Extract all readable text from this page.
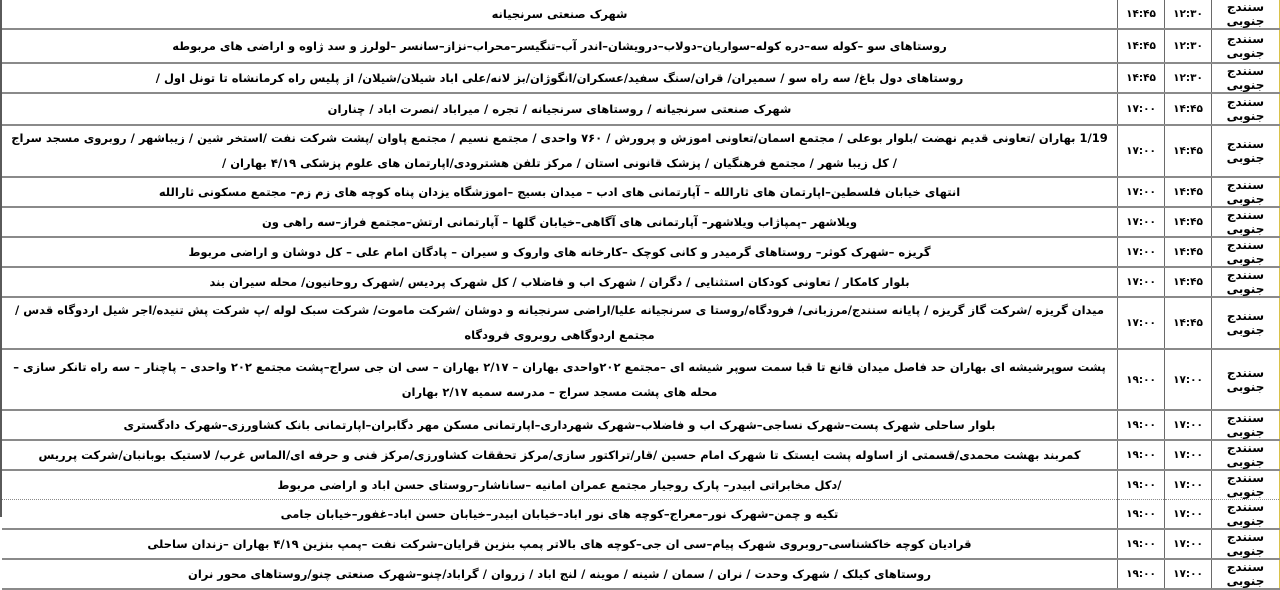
سنندج جنوبی	۱۲:۳۰	۱۴:۴۵	شهرک صنعتی سرنجیانه
سنندج جنوبی	۱۲:۳۰	۱۴:۴۵	روستاهای سو –کوله سه–دره کوله–سواریان–دولاب–درویشان–اندر آب–تنگیسر–محراب–نزاز–سانسر –لولرز و سد ژاوه و اراضی های مربوطه
سنندج جنوبی	۱۲:۳۰	۱۴:۴۵	روستاهای دول باغ/ سه راه سو / سمیران/ قران/سنگ سفید/عسکران/انگوژان/بز لانه/علی اباد شیلان/شیلان/ از پلیس راه کرمانشاه تا تونل اول /
سنندج جنوبی	۱۴:۴۵	۱۷:۰۰	شهرک صنعتی سرنجیانه / روستاهای سرنجیانه / تجره / میراباد /نصرت اباد / چناران
سنندج جنوبی	۱۴:۴۵	۱۷:۰۰	1/19 بهاران /تعاونی قدیم نهضت /بلوار بوعلی / مجتمع اسمان/تعاونی اموزش و پرورش / ۷۶۰ واحدی / مجتمع نسیم / مجتمع پاوان /پشت شرکت نفت /استخر شین / زیباشهر / روبروی مسجد سراج / کل زیبا شهر / مجتمع فرهنگیان / پزشک قانونی استان / مرکز تلفن هشترودی/اپارتمان های علوم پزشکی ۴/۱۹ بهاران /
سنندج جنوبی	۱۴:۴۵	۱۷:۰۰	انتهای خیابان فلسطین–اپارتمان های ثارالله – آپارتمانی های ادب – میدان بسیج –اموزشگاه یزدان پناه کوچه های زم زم– مجتمع مسکونی ثارالله
سنندج جنوبی	۱۴:۴۵	۱۷:۰۰	ویلاشهر –پمپاژاب ویلاشهر– آپارتمانی های آگاهی–خیابان گلها – آپارتمانی ارتش–مجتمع فراز–سه راهی ون
سنندج جنوبی	۱۴:۴۵	۱۷:۰۰	گریزه –شهرک کوثر– روستاهای گرمیدر و کانی کوچک –کارخانه های واروک و سیران – پادگان امام علی – کل دوشان و اراضی مربوط
سنندج جنوبی	۱۴:۴۵	۱۷:۰۰	بلوار کامکار / تعاونی کودکان استثنایی / دگران / شهرک اب و فاضلاب / کل شهرک پردیس /شهرک روحانیون/ محله سیران بند
سنندج جنوبی	۱۴:۴۵	۱۷:۰۰	میدان گریزه /شرکت گاز گریزه / پایانه سنندج/مرزبانی/ فرودگاه/روستا ی سرنجیانه علیا/اراضی سرنجیانه و دوشان /شرکت ماموت/ شرکت سبک لوله /پ شرکت پش تنیده/اجر شیل اردوگاه قدس / مجتمع اردوگاهی روبروی فرودگاه
سنندج جنوبی	۱۷:۰۰	۱۹:۰۰	پشت سوپرشیشه ای بهاران حد فاصل میدان قانع تا قبا سمت سوپر شیشه ای –مجتمع ۲۰۲واحدی بهاران – ۲/۱۷ بهاران – سی ان جی سراج–پشت مجتمع ۲۰۲ واحدی – پاچنار – سه راه تانکر سازی – محله های پشت مسجد سراج – مدرسه سمیه ۲/۱۷ بهاران
سنندج جنوبی	۱۷:۰۰	۱۹:۰۰	بلوار ساحلی شهرک پست–شهرک نساجی–شهرک اب و فاضلاب–شهرک شهرداری–اپارتمانی مسکن مهر دگابران–اپارتمانی بانک کشاورزی–شهرک دادگستری
سنندج جنوبی	۱۷:۰۰	۱۹:۰۰	کمربند بهشت محمدی/قسمتی از اساوله پشت ایستک تا شهرک امام حسین /قار/تراکتور سازی/مرکز تحققات کشاورزی/مرکز فنی و حرفه ای/الماس غرب/ لاستیک بوبانبان/شرکت پرریس
سنندج جنوبی	۱۷:۰۰	۱۹:۰۰	/دکل مخابراتی ابیدر– پارک روجیار مجتمع عمران امانیه –ساناشار–روستای حسن اباد و اراضی مربوط
سنندج جنوبی	۱۷:۰۰	۱۹:۰۰	تکیه و چمن–شهرک نور–معراج–کوچه های نور اباد–خیابان ابیدر–خیابان حسن اباد–غفور–خیابان جامی
سنندج جنوبی	۱۷:۰۰	۱۹:۰۰	قرادیان کوچه خاکشناسی–روبروی شهرک پیام–سی ان جی–کوچه های بالاتر پمپ بنزین قرایان–شرکت نفت –پمپ بنزین ۴/۱۹ بهاران –زندان ساحلی
سنندج جنوبی	۱۷:۰۰	۱۹:۰۰	روستاهای کیلک / شهرک وحدت / نران / سمان / شینه / موینه / لنج اباد / زروان / گراباد/چنو–شهرک صنعتی چنو/روستاهای محور نران
